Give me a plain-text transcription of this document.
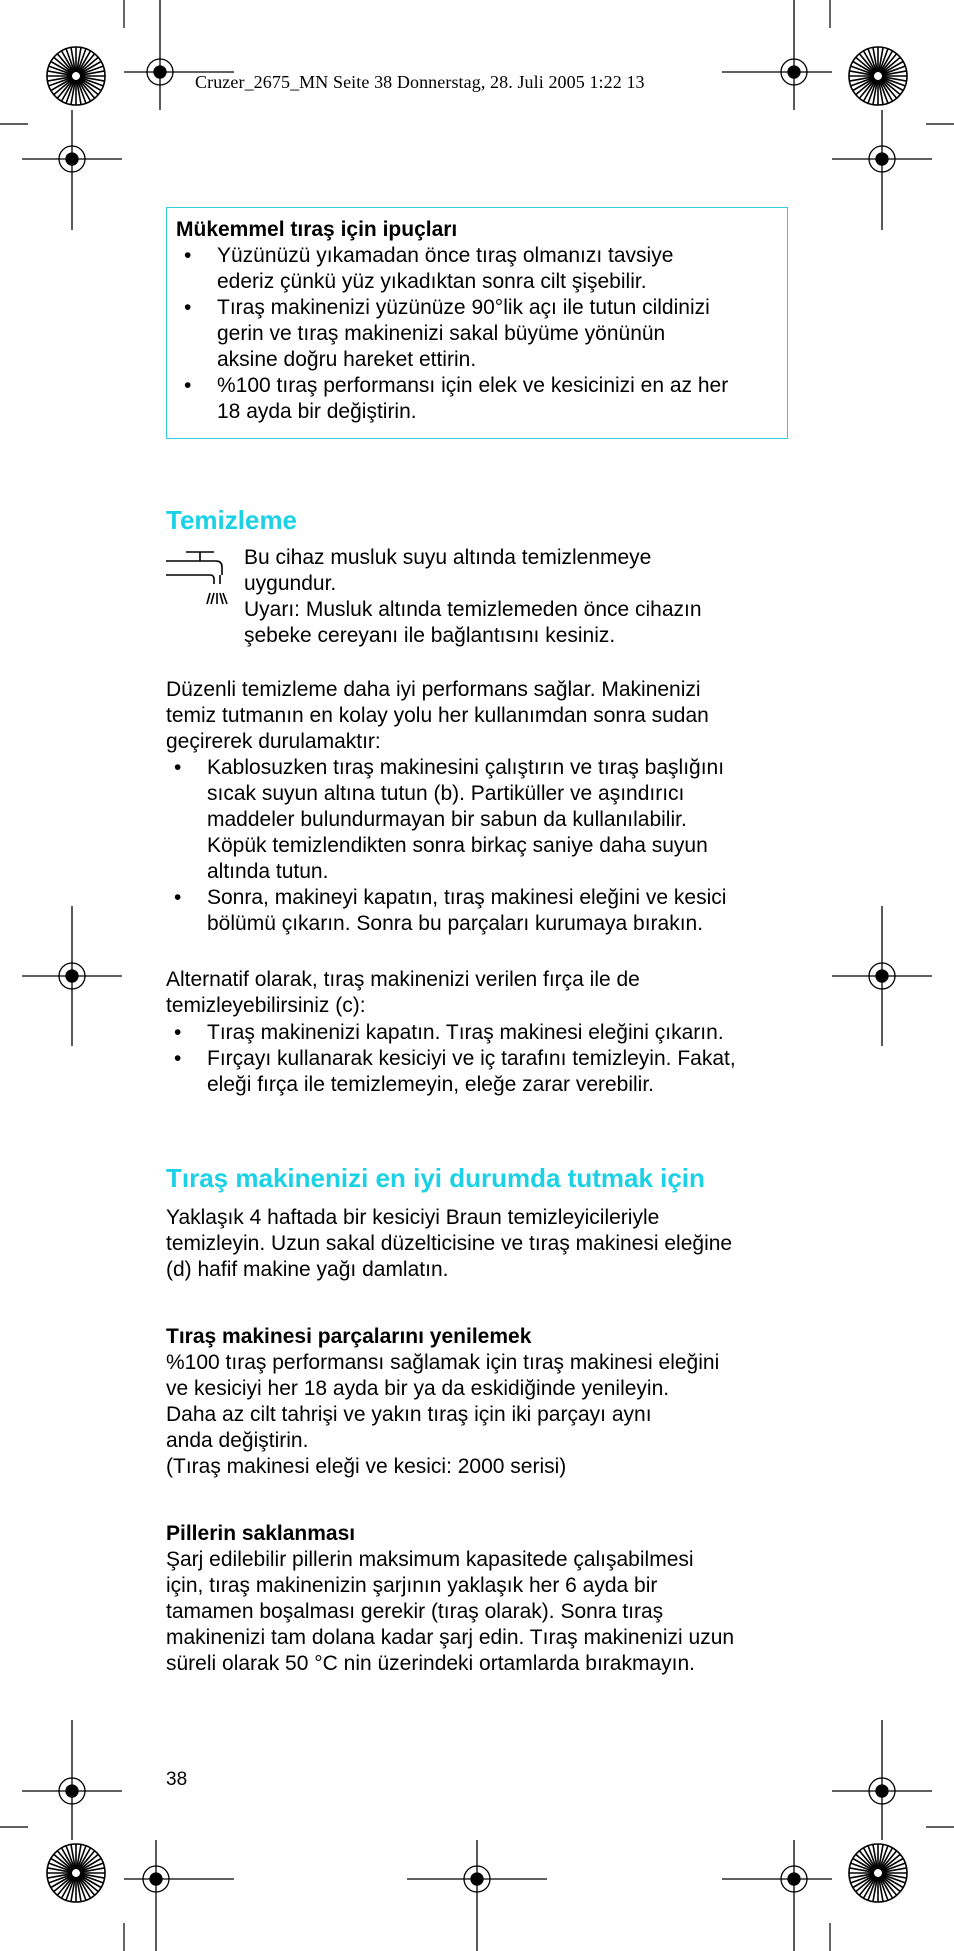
Cruzer_2675_MN Seite 38 Donnerstag, 28. Juli 2005 1:22 13
Mükemmel tıraş için ipuçları
• Yüzünüzü yıkamadan önce tıraş olmanızı tavsiye
ederiz çünkü yüz yıkadıktan sonra cilt şişebilir.
• Tıraş makinenizi yüzünüze 90°lik açı ile tutun cildinizi
gerin ve tıraş makinenizi sakal büyüme yönünün
aksine doğru hareket ettirin.
• %100 tıraş performansı için elek ve kesicinizi en az her
18 ayda bir değiştirin.
Temizleme
Bu cihaz musluk suyu altında temizlenmeye
uygundur.
Uyarı: Musluk altında temizlemeden önce cihazın
şebeke cereyanı ile bağlantısını kesiniz.
Düzenli temizleme daha iyi performans sağlar. Makinenizi
temiz tutmanın en kolay yolu her kullanımdan sonra sudan
geçirerek durulamaktır:
• Kablosuzken tıraş makinesini çalıştırın ve tıraş başlığını
sıcak suyun altına tutun (b). Partiküller ve aşındırıcı
maddeler bulundurmayan bir sabun da kullanılabilir.
Köpük temizlendikten sonra birkaç saniye daha suyun
altında tutun.
• Sonra, makineyi kapatın, tıraş makinesi eleğini ve kesici
bölümü çıkarın. Sonra bu parçaları kurumaya bırakın.
Alternatif olarak, tıraş makinenizi verilen fırça ile de
temizleyebilirsiniz (c):
• Tıraş makinenizi kapatın. Tıraş makinesi eleğini çıkarın.
• Fırçayı kullanarak kesiciyi ve iç tarafını temizleyin. Fakat,
eleği fırça ile temizlemeyin, eleğe zarar verebilir.
Tıraş makinenizi en iyi durumda tutmak için
Yaklaşık 4 haftada bir kesiciyi Braun temizleyicileriyle
temizleyin. Uzun sakal düzelticisine ve tıraş makinesi eleğine
(d) hafif makine yağı damlatın.
Tıraş makinesi parçalarını yenilemek
%100 tıraş performansı sağlamak için tıraş makinesi eleğini
ve kesiciyi her 18 ayda bir ya da eskidiğinde yenileyin.
Daha az cilt tahrişi ve yakın tıraş için iki parçayı aynı
anda değiştirin.
(Tıraş makinesi eleği ve kesici: 2000 serisi)
Pillerin saklanması
Şarj edilebilir pillerin maksimum kapasitede çalışabilmesi
için, tıraş makinenizin şarjının yaklaşık her 6 ayda bir
tamamen boşalması gerekir (tıraş olarak). Sonra tıraş
makinenizi tam dolana kadar şarj edin. Tıraş makinenizi uzun
süreli olarak 50 °C nin üzerindeki ortamlarda bırakmayın.
38
